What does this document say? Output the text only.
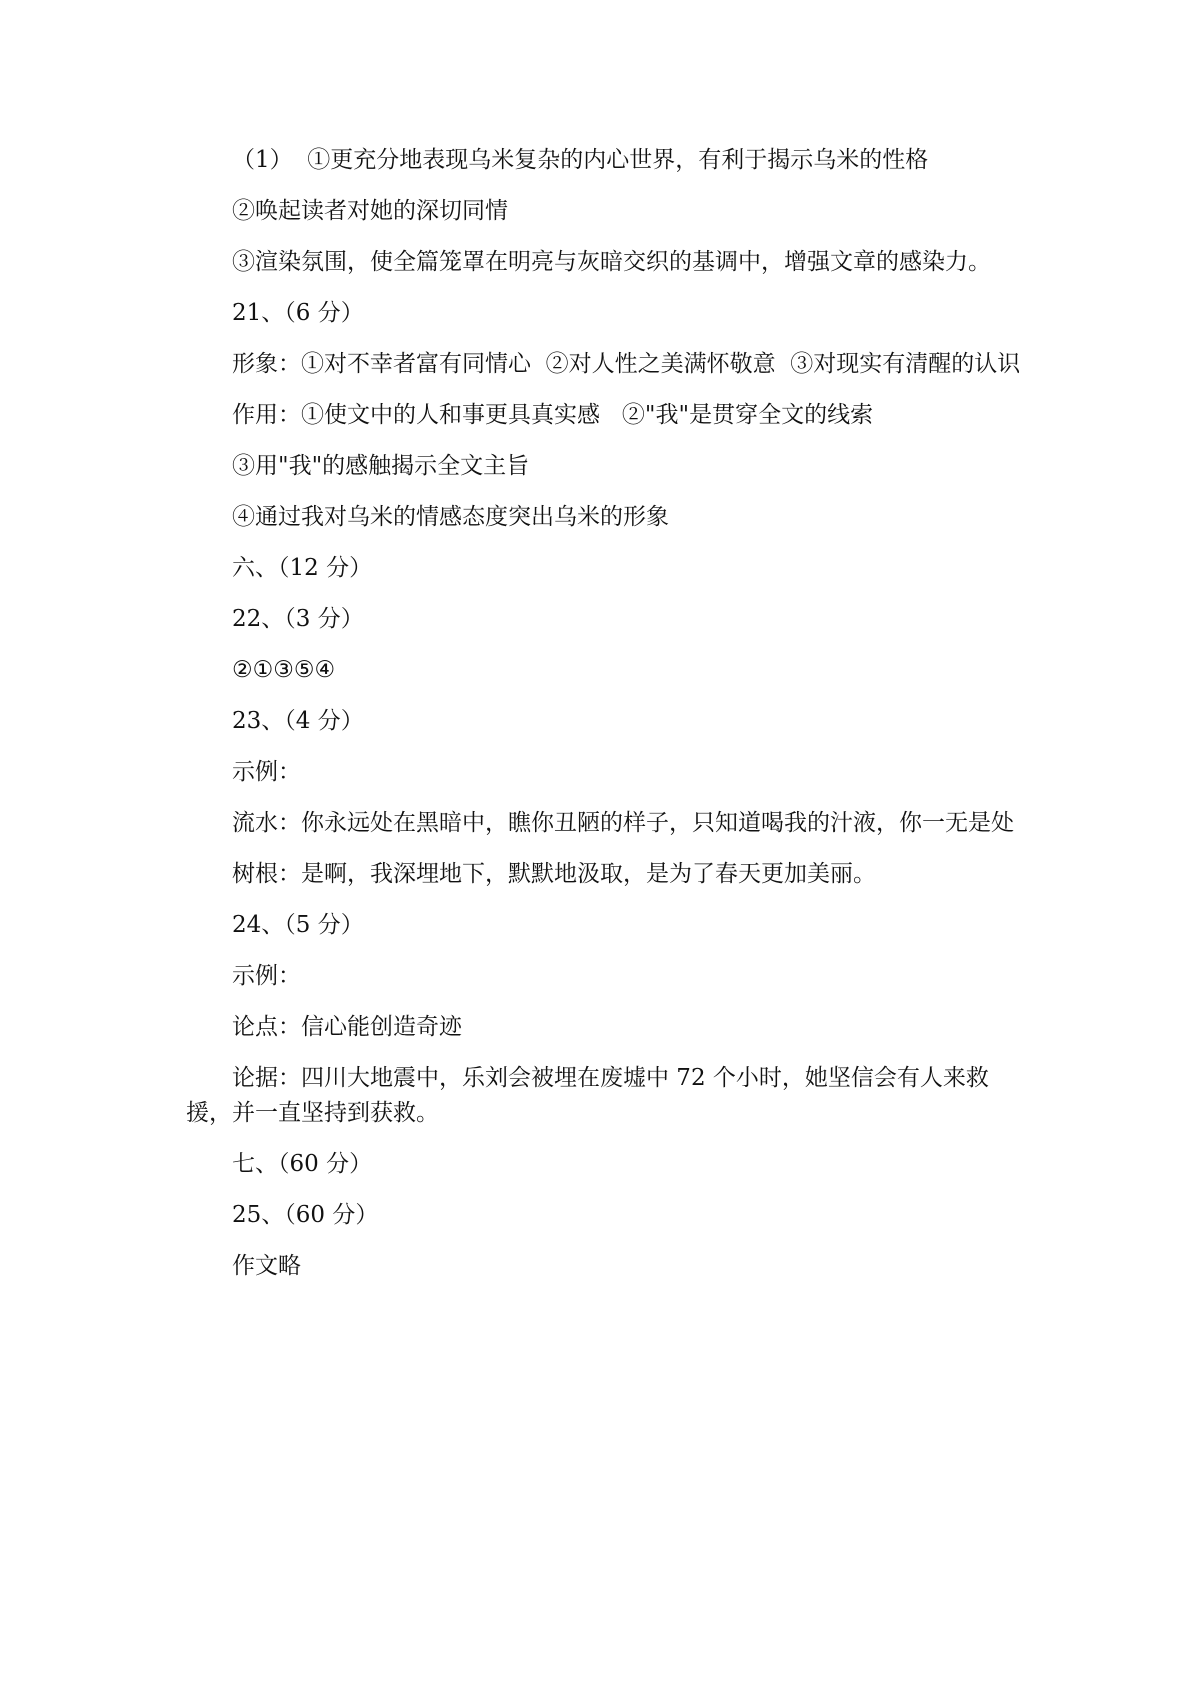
（1）  ①更充分地表现乌米复杂的内心世界，有利于揭示乌米的性格

②唤起读者对她的深切同情

③渲染氛围，使全篇笼罩在明亮与灰暗交织的基调中，增强文章的感染力。

21、（6 分）

形象：①对不幸者富有同情心  ②对人性之美满怀敬意  ③对现实有清醒的认识

作用：①使文中的人和事更具真实感   ②"我"是贯穿全文的线索

③用"我"的感触揭示全文主旨

④通过我对乌米的情感态度突出乌米的形象

六、（12 分）

22、（3 分）

②①③⑤④

23、（4 分）

示例：

流水：你永远处在黑暗中，瞧你丑陋的样子，只知道喝我的汁液，你一无是处

树根：是啊，我深埋地下，默默地汲取，是为了春天更加美丽。

24、（5 分）

示例：

论点：信心能创造奇迹

论据：四川大地震中，乐刘会被埋在废墟中 72 个小时，她坚信会有人来救援，并一直坚持到获救。

七、（60 分）

25、（60 分）

作文略
